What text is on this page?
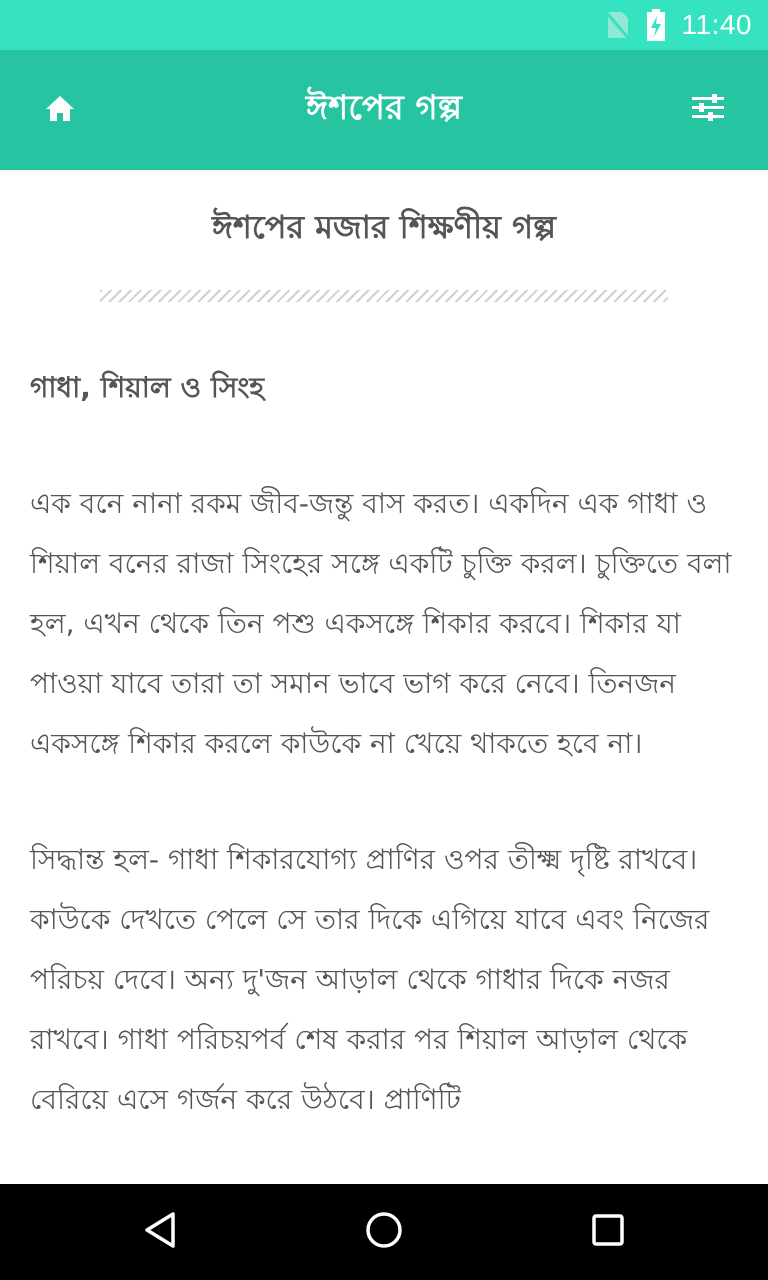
11:40
ঈশপের গল্প
ঈশপের মজার শিক্ষণীয় গল্প
গাধা, শিয়াল ও সিংহ

এক বনে নানা রকম জীব-জন্তু বাস করত। একদিন এক গাধা ও শিয়াল বনের রাজা সিংহের সঙ্গে একটি চুক্তি করল। চুক্তিতে বলা হল, এখন থেকে তিন পশু একসঙ্গে শিকার করবে। শিকার যা পাওয়া যাবে তারা তা সমান ভাবে ভাগ করে নেবে। তিনজন একসঙ্গে শিকার করলে কাউকে না খেয়ে থাকতে হবে না।

সিদ্ধান্ত হল- গাধা শিকারযোগ্য প্রাণির ওপর তীক্ষ্ম দৃষ্টি রাখবে। কাউকে দেখতে পেলে সে তার দিকে এগিয়ে যাবে এবং নিজের পরিচয় দেবে। অন্য দু'জন আড়াল থেকে গাধার দিকে নজর রাখবে। গাধা পরিচয়পর্ব শেষ করার পর শিয়াল আড়াল থেকে বেরিয়ে এসে গর্জন করে উঠবে। প্রাণিটি
